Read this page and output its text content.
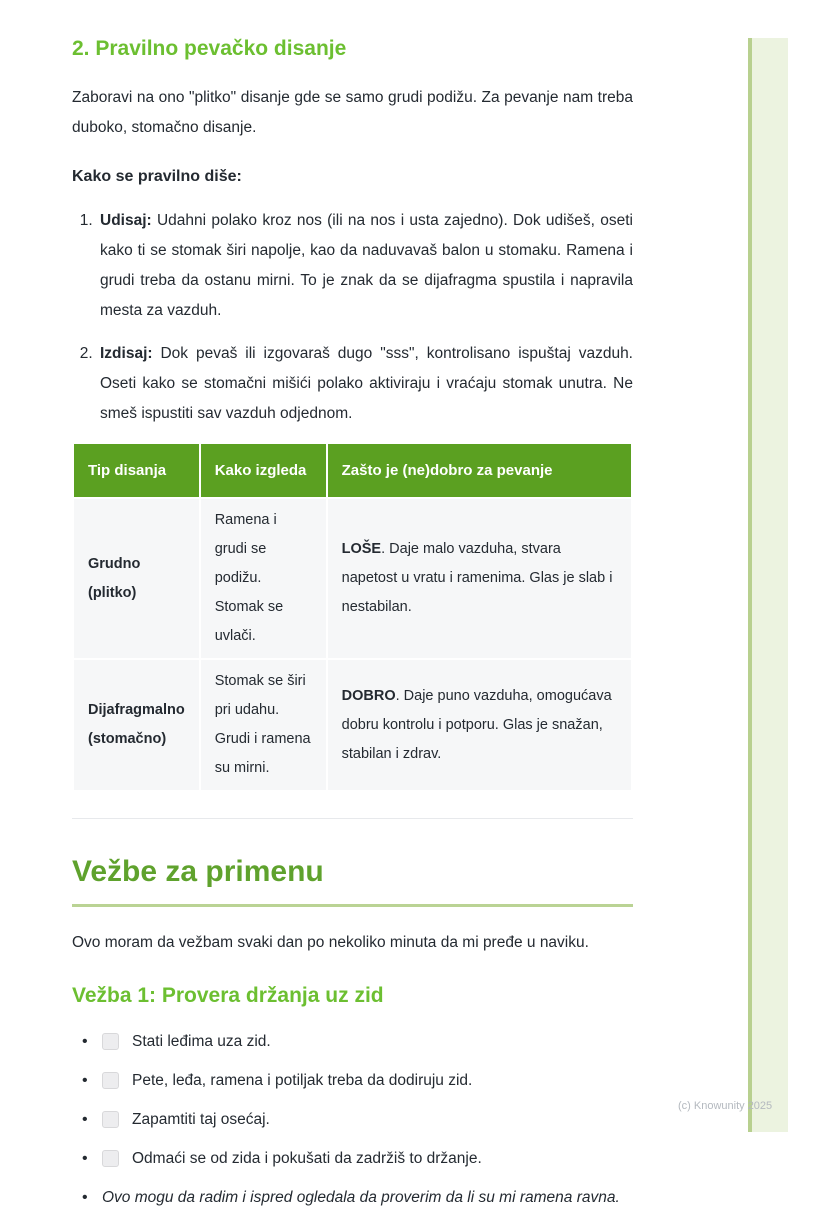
2. Pravilno pevačko disanje

Zaboravi na ono "plitko" disanje gde se samo grudi podižu. Za pevanje nam treba duboko, stomačno disanje.

Kako se pravilno diše:

1. Udisaj: Udahni polako kroz nos (ili na nos i usta zajedno). Dok udišeš, oseti kako ti se stomak širi napolje, kao da naduvavaš balon u stomaku. Ramena i grudi treba da ostanu mirni. To je znak da se dijafragma spustila i napravila mesta za vazduh.
2. Izdisaj: Dok pevaš ili izgovaraš dugo "sss", kontrolisano ispuštaj vazduh. Oseti kako se stomačni mišići polako aktiviraju i vraćaju stomak unutra. Ne smeš ispustiti sav vazduh odjednom.
Tip disanja	Kako izgleda	Zašto je (ne)dobro za pevanje
Grudno (plitko)	Ramena i grudi se podižu. Stomak se uvlači.	LOŠE. Daje malo vazduha, stvara napetost u vratu i ramenima. Glas je slab i nestabilan.
Dijafragmalno (stomačno)	Stomak se širi pri udahu. Grudi i ramena su mirni.	DOBRO. Daje puno vazduha, omogućava dobru kontrolu i potporu. Glas je snažan, stabilan i zdrav.
Vežbe za primenu

Ovo moram da vežbam svaki dan po nekoliko minuta da mi pređe u naviku.

Vežba 1: Provera držanja uz zid
•	Stati leđima uza zid.
•	Pete, leđa, ramena i potiljak treba da dodiruju zid.
•	Zapamtiti taj osećaj.
•	Odmaći se od zida i pokušati da zadržiš to držanje.
• Ovo mogu da radim i ispred ogledala da proverim da li su mi ramena ravna.
(c) Knowunity 2025
